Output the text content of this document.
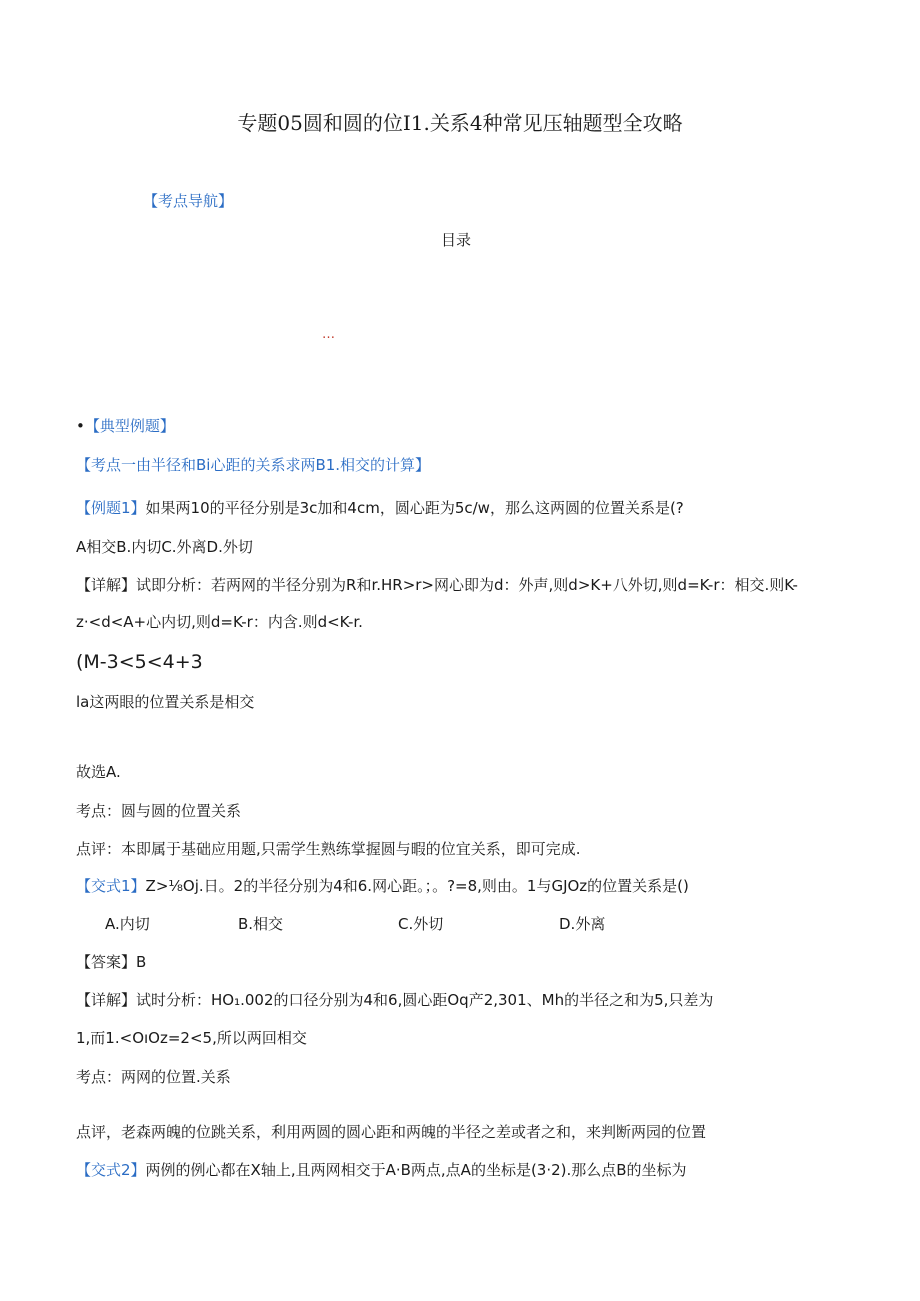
专题05圆和圆的位I1.关系4种常见压轴题型全攻略
【考点导航】
目录
…
•【典型例题】
【考点一由半径和Bi心距的关系求两B1.相交的计算】
【例题1】如果两10的平径分别是3c加和4cm，圆心距为5c/w，那么这两圆的位置关系是(?
A相交B.内切C.外离D.外切
【详解】试即分析：若两网的半径分别为R和r.HR>r>网心即为d：外声,则d>K+八外切,则d=K-r：相交.则K-
z·<d<A+心内切,则d=K-r：内含.则d<K-r.
(M-3<5<4+3
la这两眼的位置关系是相交
故选A.
考点：圆与圆的位置关系
点评：本即属于基础应用题,只需学生熟练掌握圆与暇的位宜关系，即可完成.
【交式1】Z>⅛Oj.日。2的半径分别为4和6.网心距。；。?=8,则由。1与GJOz的位置关系是()
A.内切	B.相交	C.外切	D.外离
【答案】B
【详解】试时分析：HO₁.002的口径分别为4和6,圆心距Oq产2,301、Mh的半径之和为5,只差为
1,而1.<OıOz=2<5,所以两回相交
考点：两网的位置.关系
点评，老森两魄的位跳关系，利用两圆的圆心距和两魄的半径之差或者之和，来判断两园的位置
【交式2】两例的例心都在X轴上,且两网相交于A·B两点,点A的坐标是(3·2).那么点B的坐标为
